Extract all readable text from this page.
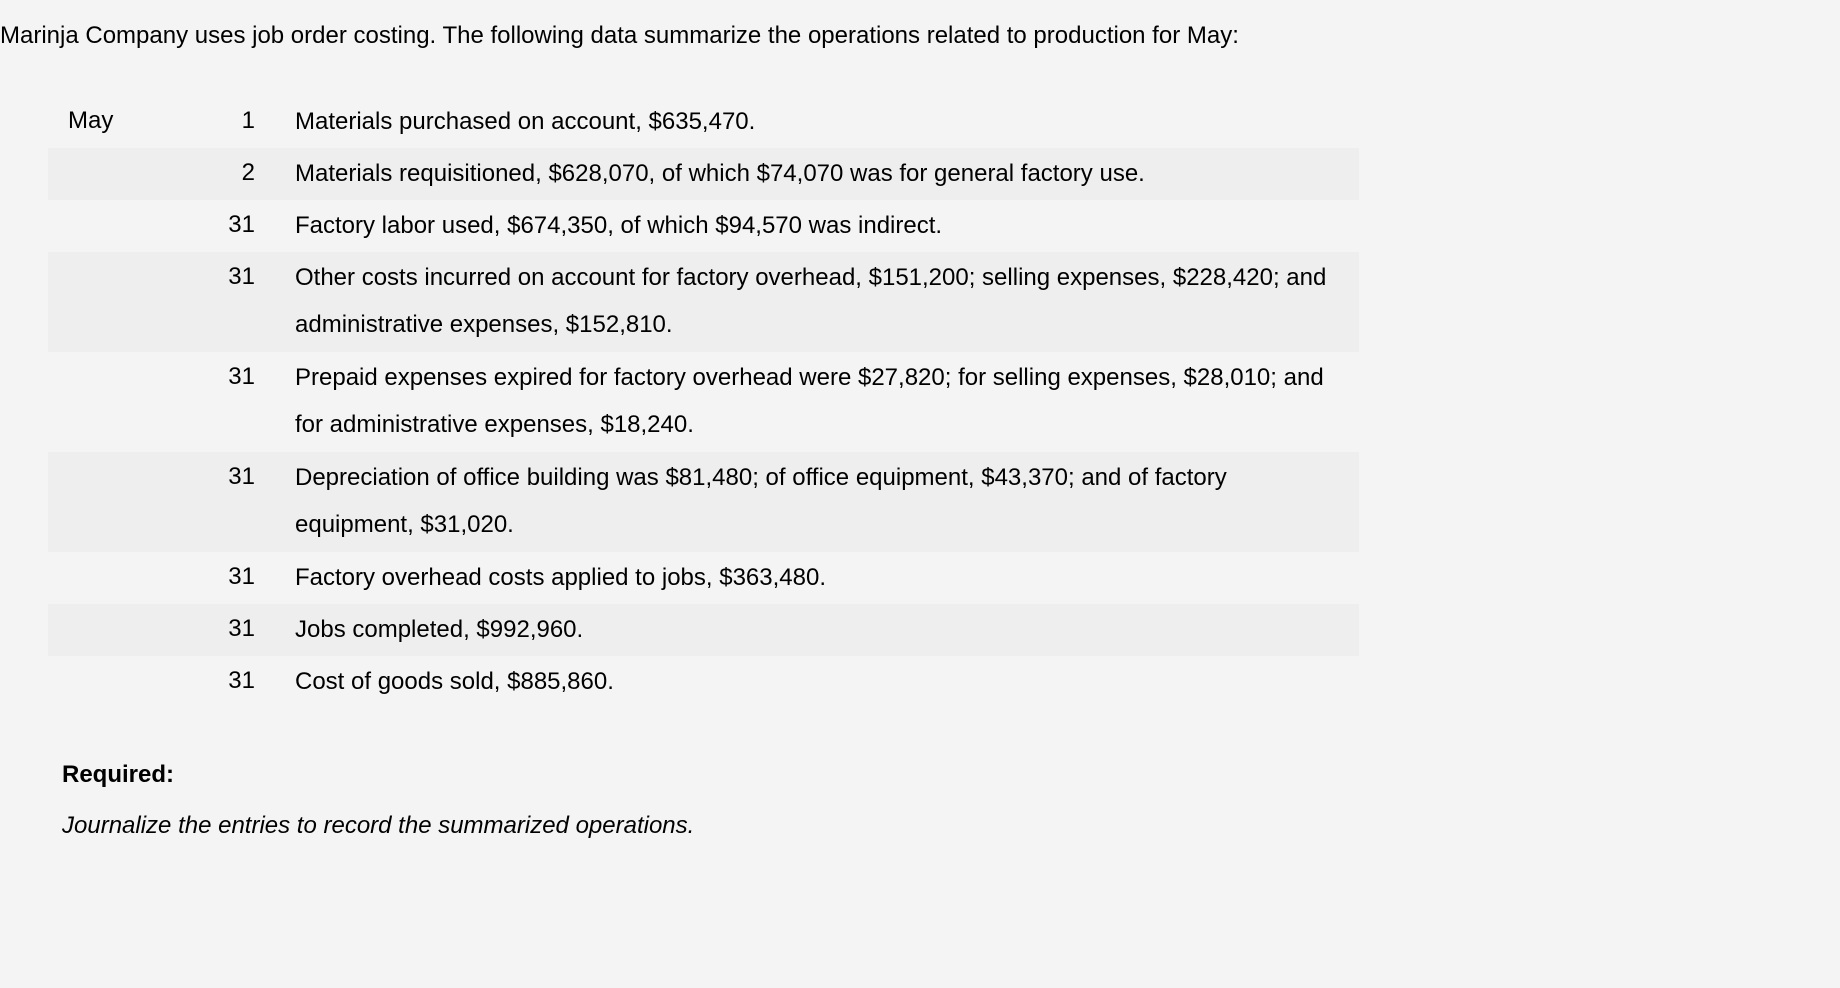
Marinja Company uses job order costing. The following data summarize the operations related to production for May:
May	1	Materials purchased on account, $635,470.

	2	Materials requisitioned, $628,070, of which $74,070 was for general factory use.

	31	Factory labor used, $674,350, of which $94,570 was indirect.

	31	Other costs incurred on account for factory overhead, $151,200; selling expenses, $228,420; and administrative expenses, $152,810.

	31	Prepaid expenses expired for factory overhead were $27,820; for selling expenses, $28,010; and for administrative expenses, $18,240.

	31	Depreciation of office building was $81,480; of office equipment, $43,370; and of factory equipment, $31,020.

	31	Factory overhead costs applied to jobs, $363,480.

	31	Jobs completed, $992,960.

	31	Cost of goods sold, $885,860.
Required:
Journalize the entries to record the summarized operations.
